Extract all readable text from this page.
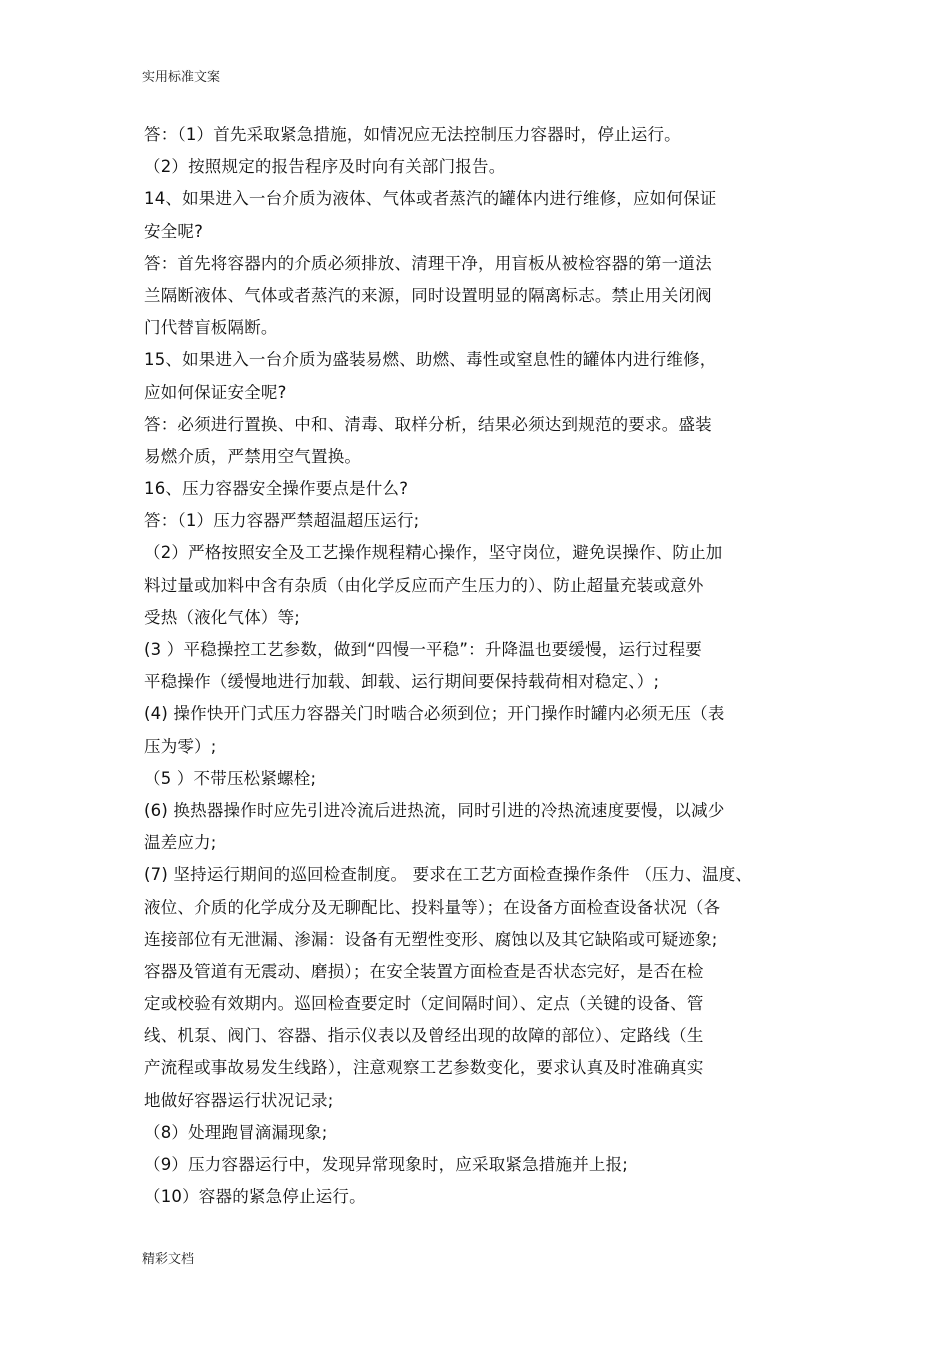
实用标准文案
答：（1）首先采取紧急措施，如情况应无法控制压力容器时，停止运行。
（2）按照规定的报告程序及时向有关部门报告。
14、如果进入一台介质为液体、气体或者蒸汽的罐体内进行维修，应如何保证
安全呢?
答：首先将容器内的介质必须排放、清理干净，用盲板从被检容器的第一道法
兰隔断液体、气体或者蒸汽的来源，同时设置明显的隔离标志。禁止用关闭阀
门代替盲板隔断。
15、如果进入一台介质为盛装易燃、助燃、毒性或窒息性的罐体内进行维修，
应如何保证安全呢?
答：必须进行置换、中和、清毒、取样分析，结果必须达到规范的要求。盛装
易燃介质，严禁用空气置换。
16、压力容器安全操作要点是什么?
答：（1）压力容器严禁超温超压运行;
（2）严格按照安全及工艺操作规程精心操作，坚守岗位，避免误操作、防止加
料过量或加料中含有杂质（由化学反应而产生压力的）、防止超量充装或意外
受热（液化气体）等;
(3 ）平稳操控工艺参数，做到“四慢一平稳”：升降温也要缓慢，运行过程要
平稳操作（缓慢地进行加载、卸载、运行期间要保持载荷相对稳定、）;
(4) 操作快开门式压力容器关门时啮合必须到位；开门操作时罐内必须无压（表
压为零）;
（5 ）不带压松紧螺栓;
(6) 换热器操作时应先引进冷流后进热流，同时引进的冷热流速度要慢，以减少
温差应力;
(7) 坚持运行期间的巡回检查制度。 要求在工艺方面检查操作条件 （压力、温度、
液位、介质的化学成分及无聊配比、投料量等）；在设备方面检查设备状况（各
连接部位有无泄漏、渗漏：设备有无塑性变形、腐蚀以及其它缺陷或可疑迹象;
容器及管道有无震动、磨损）；在安全装置方面检查是否状态完好，是否在检
定或校验有效期内。巡回检查要定时（定间隔时间）、定点（关键的设备、管
线、机泵、阀门、容器、指示仪表以及曾经出现的故障的部位）、定路线（生
产流程或事故易发生线路），注意观察工艺参数变化，要求认真及时准确真实
地做好容器运行状况记录;
（8）处理跑冒滴漏现象;
（9）压力容器运行中，发现异常现象时，应采取紧急措施并上报;
（10）容器的紧急停止运行。
精彩文档
